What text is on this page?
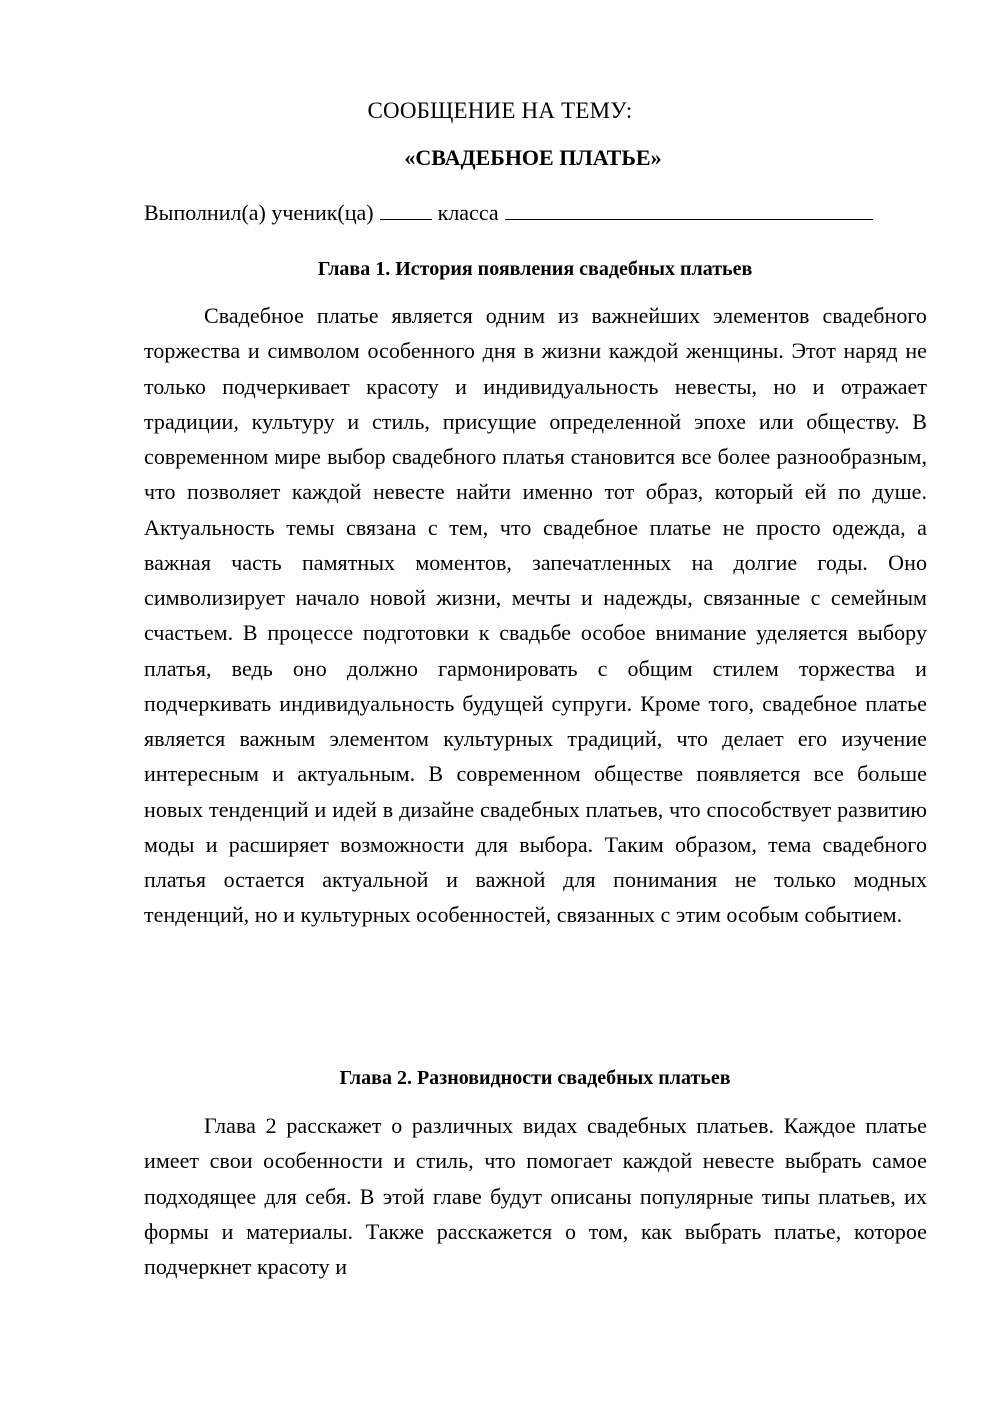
СООБЩЕНИЕ НА ТЕМУ:
«СВАДЕБНОЕ ПЛАТЬЕ»
Выполнил(а) ученик(ца)	класса
Глава 1. История появления свадебных платьев
Свадебное платье является одним из важнейших элементов свадебного торжества и символом особенного дня в жизни каждой женщины. Этот наряд не только подчеркивает красоту и индивидуальность невесты, но и отражает традиции, культуру и стиль, присущие определенной эпохе или обществу. В современном мире выбор свадебного платья становится все более разнообразным, что позволяет каждой невесте найти именно тот образ, который ей по душе. Актуальность темы связана с тем, что свадебное платье не просто одежда, а важная часть памятных моментов, запечатленных на долгие годы. Оно символизирует начало новой жизни, мечты и надежды, связанные с семейным счастьем. В процессе подготовки к свадьбе особое внимание уделяется выбору платья, ведь оно должно гармонировать с общим стилем торжества и подчеркивать индивидуальность будущей супруги. Кроме того, свадебное платье является важным элементом культурных традиций, что делает его изучение интересным и актуальным. В современном обществе появляется все больше новых тенденций и идей в дизайне свадебных платьев, что способствует развитию моды и расширяет возможности для выбора. Таким образом, тема свадебного платья остается актуальной и важной для понимания не только модных тенденций, но и культурных особенностей, связанных с этим особым событием.
Глава 2. Разновидности свадебных платьев
Глава 2 расскажет о различных видах свадебных платьев. Каждое платье имеет свои особенности и стиль, что помогает каждой невесте выбрать самое подходящее для себя. В этой главе будут описаны популярные типы платьев, их формы и материалы. Также расскажется о том, как выбрать платье, которое подчеркнет красоту и
